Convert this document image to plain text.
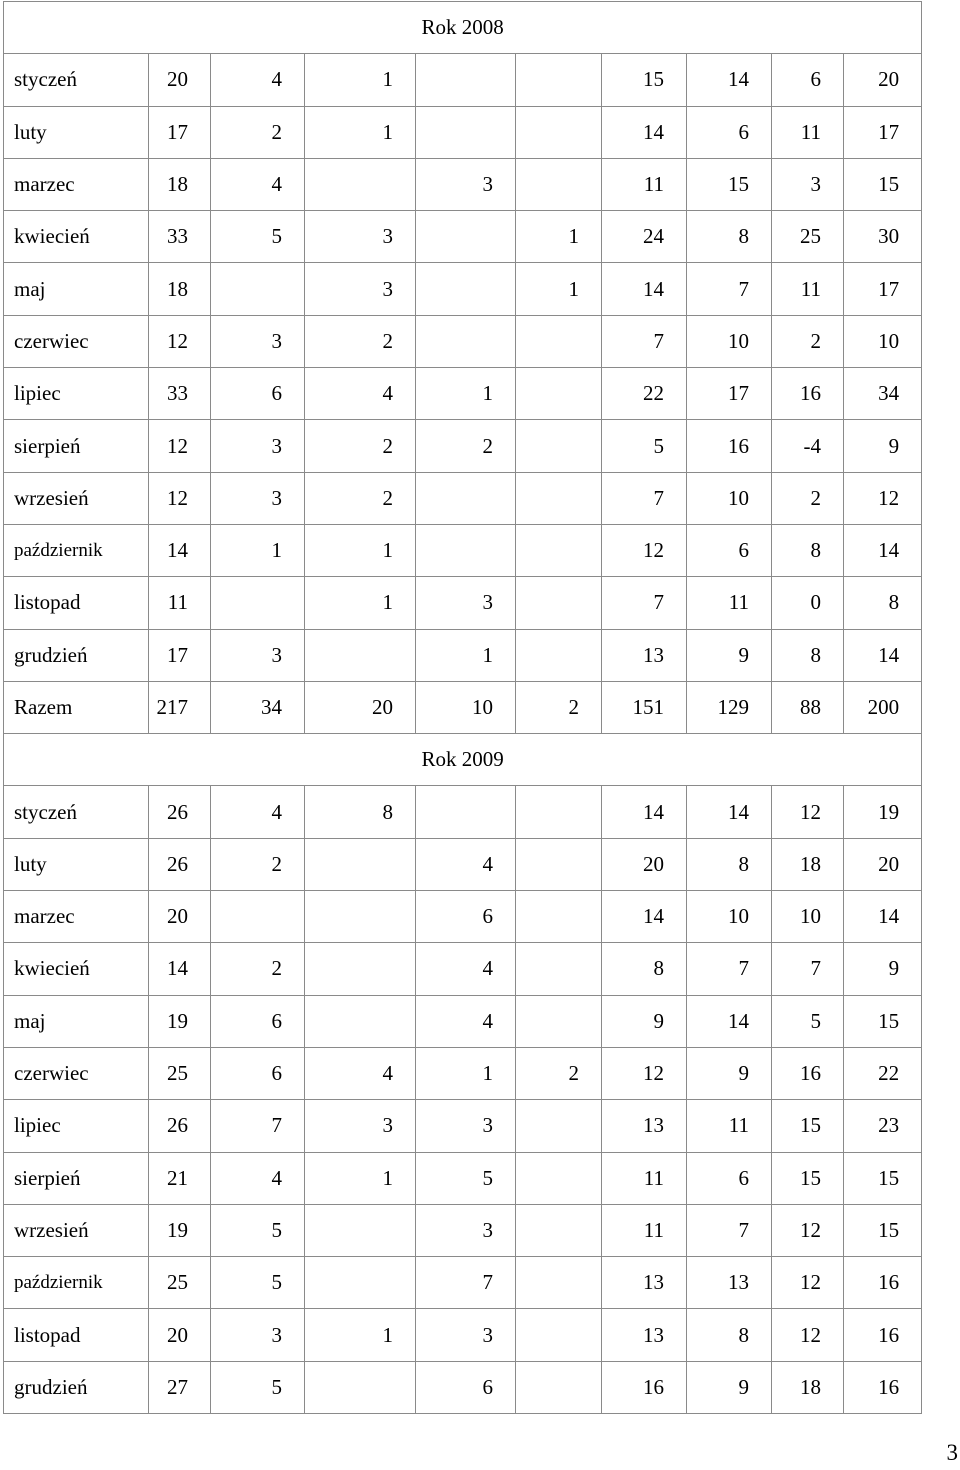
Rok 2008									
styczeń	20	4	1			15	14	6	20
luty	17	2	1			14	6	11	17
marzec	18	4		3		11	15	3	15
kwiecień	33	5	3		1	24	8	25	30
maj	18		3		1	14	7	11	17
czerwiec	12	3	2			7	10	2	10
lipiec	33	6	4	1		22	17	16	34
sierpień	12	3	2	2		5	16	-4	9
wrzesień	12	3	2			7	10	2	12
październik	14	1	1			12	6	8	14
listopad	11		1	3		7	11	0	8
grudzień	17	3		1		13	9	8	14
Razem	217	34	20	10	2	151	129	88	200
Rok 2009									
styczeń	26	4	8			14	14	12	19
luty	26	2		4		20	8	18	20
marzec	20			6		14	10	10	14
kwiecień	14	2		4		8	7	7	9
maj	19	6		4		9	14	5	15
czerwiec	25	6	4	1	2	12	9	16	22
lipiec	26	7	3	3		13	11	15	23
sierpień	21	4	1	5		11	6	15	15
wrzesień	19	5		3		11	7	12	15
październik	25	5		7		13	13	12	16
listopad	20	3	1	3		13	8	12	16
grudzień	27	5		6		16	9	18	16
3
